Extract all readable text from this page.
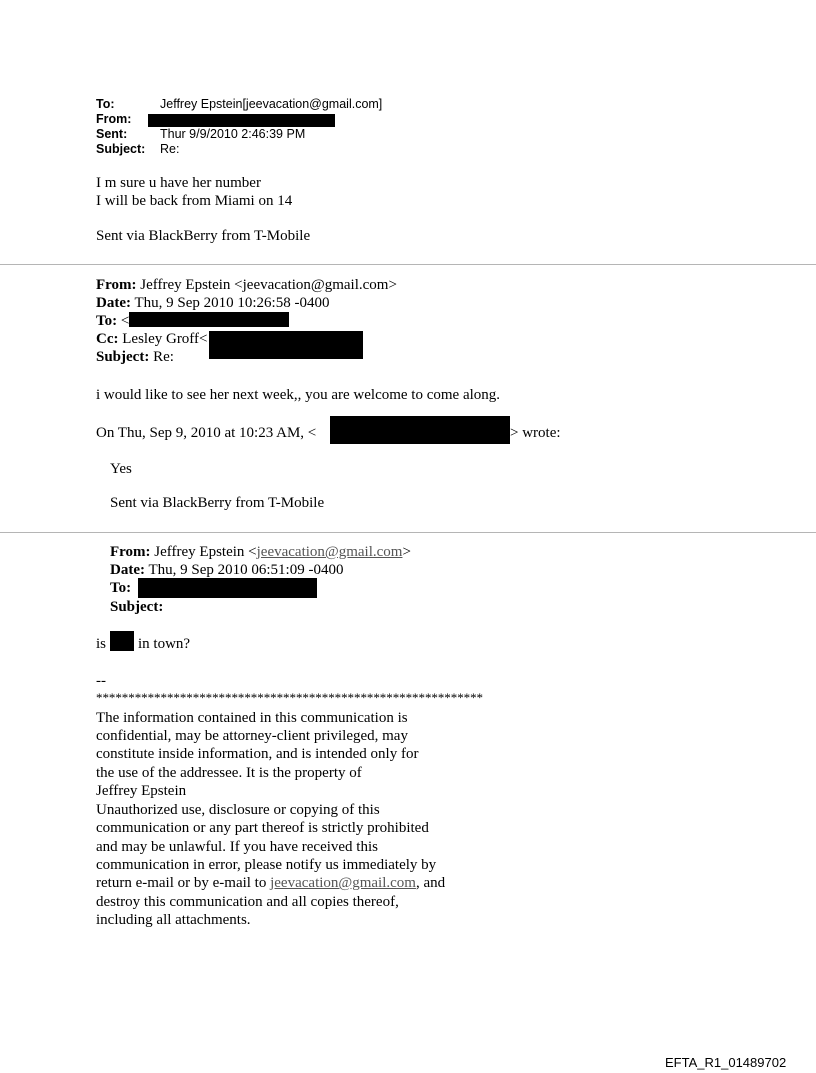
To:	Jeffrey Epstein[jeevacation@gmail.com]
From:
Sent:	Thur 9/9/2010 2:46:39 PM
Subject: Re:
I m sure u have her number
I will be back from Miami on 14
Sent via BlackBerry from T-Mobile
From: Jeffrey Epstein <jeevacation@gmail.com>
Date: Thu, 9 Sep 2010 10:26:58 -0400
To: <
Cc: Lesley Groff<
Subject: Re:
i would like to see her next week,, you are welcome to come along.
On Thu, Sep 9, 2010 at 10:23 AM, <	> wrote:
Yes
Sent via BlackBerry from T-Mobile
From: Jeffrey Epstein <jeevacation@gmail.com>
Date: Thu, 9 Sep 2010 06:51:09 -0400
To:
Subject:
is in town?
--
************************************************************
The information contained in this communication is
confidential, may be attorney-client privileged, may
constitute inside information, and is intended only for
the use of the addressee. It is the property of
Jeffrey Epstein
Unauthorized use, disclosure or copying of this
communication or any part thereof is strictly prohibited
and may be unlawful. If you have received this
communication in error, please notify us immediately by
return e-mail or by e-mail to jeevacation@gmail.com, and
destroy this communication and all copies thereof,
including all attachments.
EFTA_R1_01489702
